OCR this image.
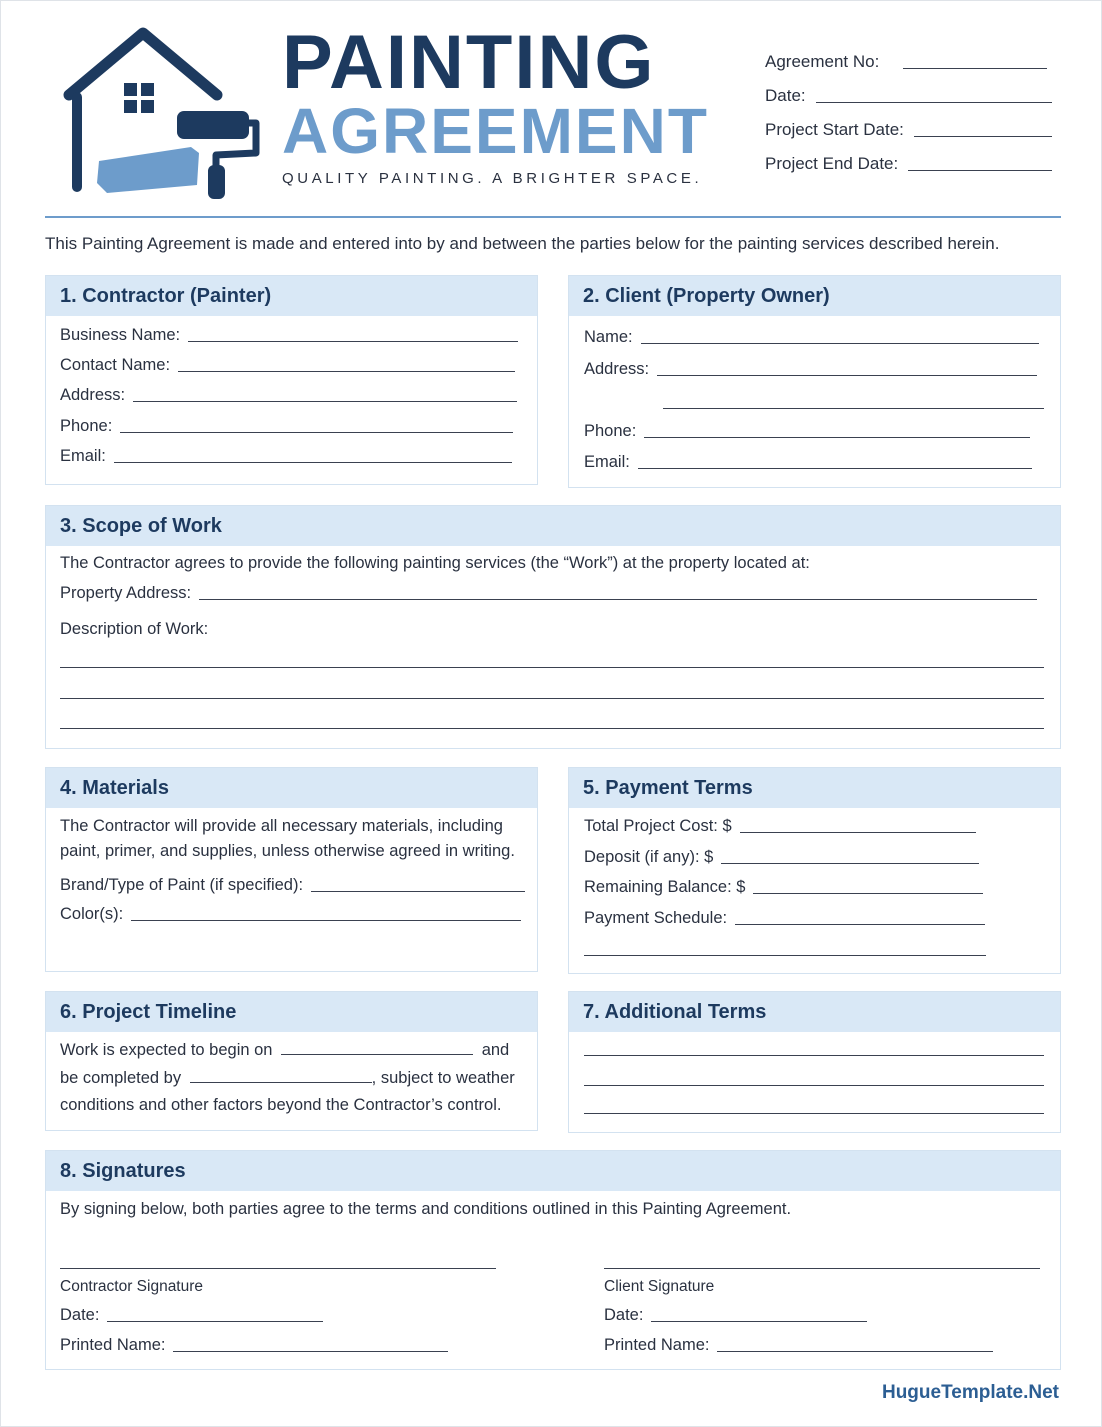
PAINTING
AGREEMENT
QUALITY PAINTING. A BRIGHTER SPACE.
Agreement No:
Date:
Project Start Date:
Project End Date:
This Painting Agreement is made and entered into by and between the parties below for the painting services described herein.
1. Contractor (Painter)
Business Name:
Contact Name:
Address:
Phone:
Email:
2. Client (Property Owner)
Name:
Address:
Phone:
Email:
3. Scope of Work
The Contractor agrees to provide the following painting services (the “Work”) at the property located at:
Property Address:
Description of Work:
4. Materials
The Contractor will provide all necessary materials, including
paint, primer, and supplies, unless otherwise agreed in writing.
Brand/Type of Paint (if specified):
Color(s):
5. Payment Terms
Total Project Cost: $
Deposit (if any): $
Remaining Balance: $
Payment Schedule:
6. Project Timeline
Work is expected to begin on	and
be completed by	, subject to weather
conditions and other factors beyond the Contractor’s control.
7. Additional Terms
8. Signatures
By signing below, both parties agree to the terms and conditions outlined in this Painting Agreement.
Contractor Signature
Date:
Printed Name:
Client Signature
Date:
Printed Name:
HugueTemplate.Net
